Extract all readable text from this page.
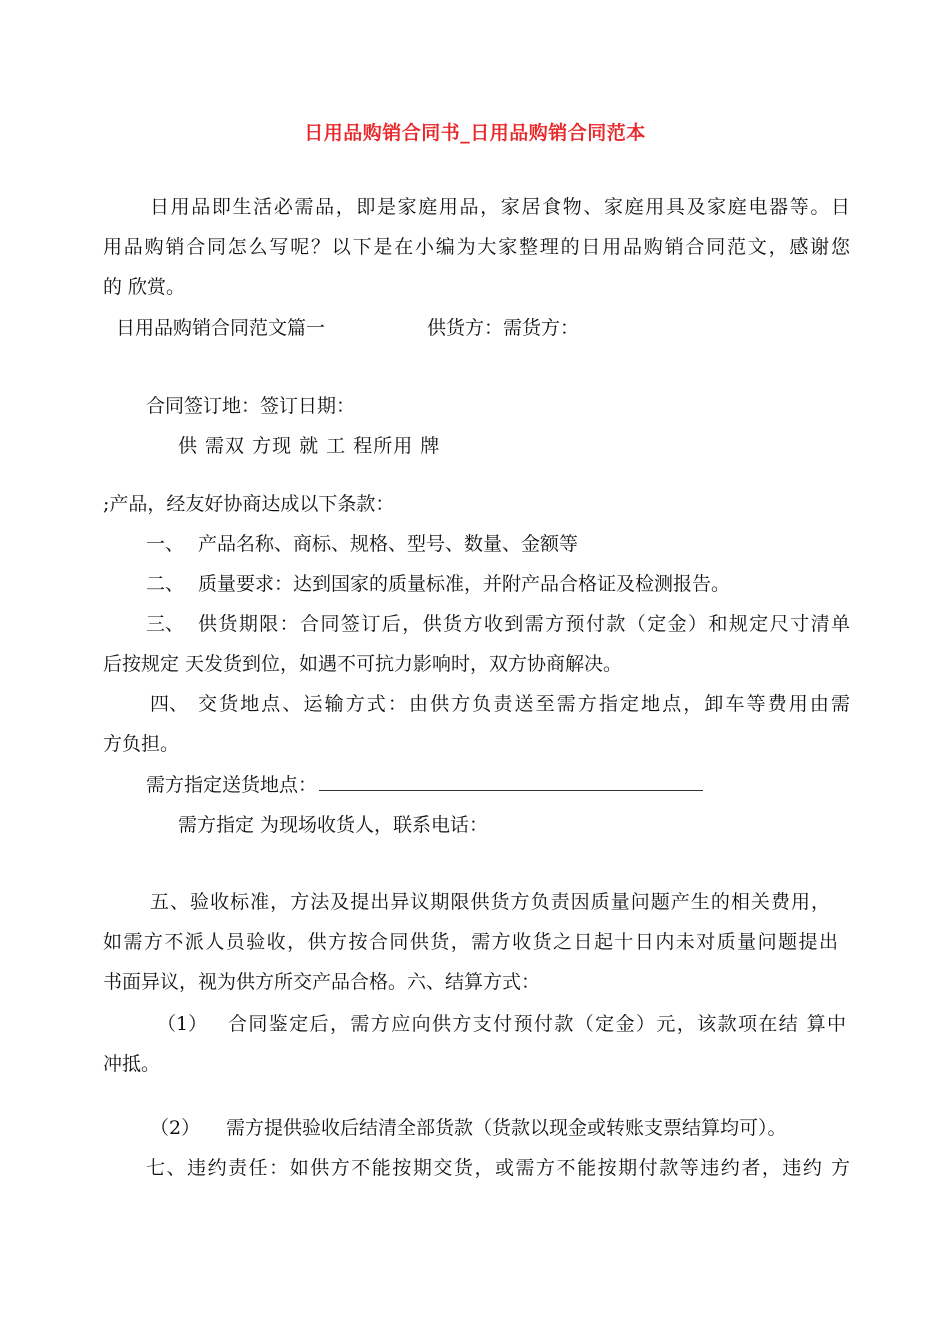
日用品购销合同书_日用品购销合同范本
日用品即生活必需品，即是家庭用品，家居食物、家庭用具及家庭电器等。日
用品购销合同怎么写呢？以下是在小编为大家整理的日用品购销合同范文，感谢您
的 欣赏。
日用品购销合同范文篇一	供货方：需货方：
合同签订地：签订日期：
供 需双 方现 就 工 程所用 牌
;产品，经友好协商达成以下条款：
一、 产品名称、商标、规格、型号、数量、金额等
二、 质量要求：达到国家的质量标准，并附产品合格证及检测报告。
三、 供货期限：合同签订后，供货方收到需方预付款（定金）和规定尺寸清单
后按规定 天发货到位，如遇不可抗力影响时，双方协商解决。
四、 交货地点、运输方式：由供方负责送至需方指定地点，卸车等费用由需
方负担。
需方指定送货地点：
需方指定 为现场收货人，联系电话：
五、验收标准，方法及提出异议期限供货方负责因质量问题产生的相关费用，
如需方不派人员验收，供方按合同供货，需方收货之日起十日内未对质量问题提出
书面异议，视为供方所交产品合格。六、结算方式：
（1） 合同鉴定后，需方应向供方支付预付款（定金）元，该款项在结 算中
冲抵。
（2） 需方提供验收后结清全部货款（货款以现金或转账支票结算均可）。
七、违约责任：如供方不能按期交货，或需方不能按期付款等违约者，违约 方
